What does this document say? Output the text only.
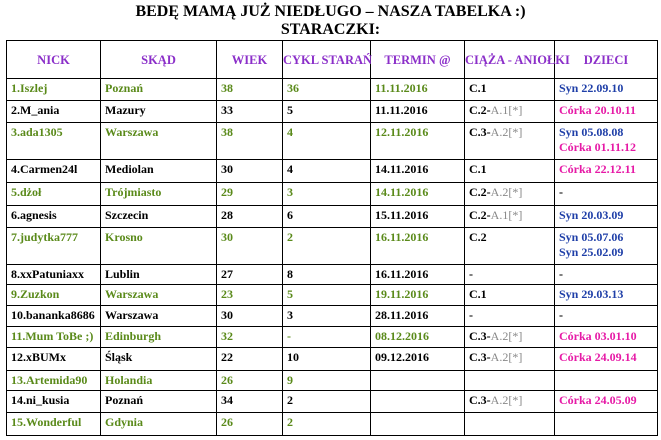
BEDĘ MAMĄ JUŻ NIEDŁUGO – NASZA TABELKA :)
STARACZKI:
NICK	SKĄD	WIEK	CYKL STARAŃ	TERMIN @	CIĄŻA - ANIOŁKI	DZIECI
1.Iszlej	Poznań	38	36	11.11.2016	C.1	Syn 22.09.10

2.M_ania	Mazury	33	5	11.11.2016	C.2-A.1[*]	Córka 20.10.11

3.ada1305	Warszawa	38	4	12.11.2016	C.3-A.2[*]	Syn 05.08.08
Córka 01.11.12

4.Carmen24l	Mediolan	30	4	14.11.2016	C.1	Córka 22.12.11

5.dżoł	Trójmiasto	29	3	14.11.2016	C.2-A.2[*]	-

6.agnesis	Szczecin	28	6	15.11.2016	C.2-A.1[*]	Syn 20.03.09

7.judytka777	Krosno	30	2	16.11.2016	C.2	Syn 05.07.06
Syn 25.02.09

8.xxPatuniaxx	Lublin	27	8	16.11.2016	-	-

9.Zuzkon	Warszawa	23	5	19.11.2016	C.1	Syn 29.03.13

10.bananka8686	Warszawa	30	3	28.11.2016	-	-

11.Mum ToBe ;)	Edinburgh	32	-	08.12.2016	C.3-A.2[*]	Córka 03.01.10

12.xBUMx	Śląsk	22	10	09.12.2016	C.3-A.2[*]	Córka 24.09.14

13.Artemida90	Holandia	26	9			

14.ni_kusia	Poznań	34	2		C.3-A.2[*]	Córka 24.05.09

15.Wonderful	Gdynia	26	2			
